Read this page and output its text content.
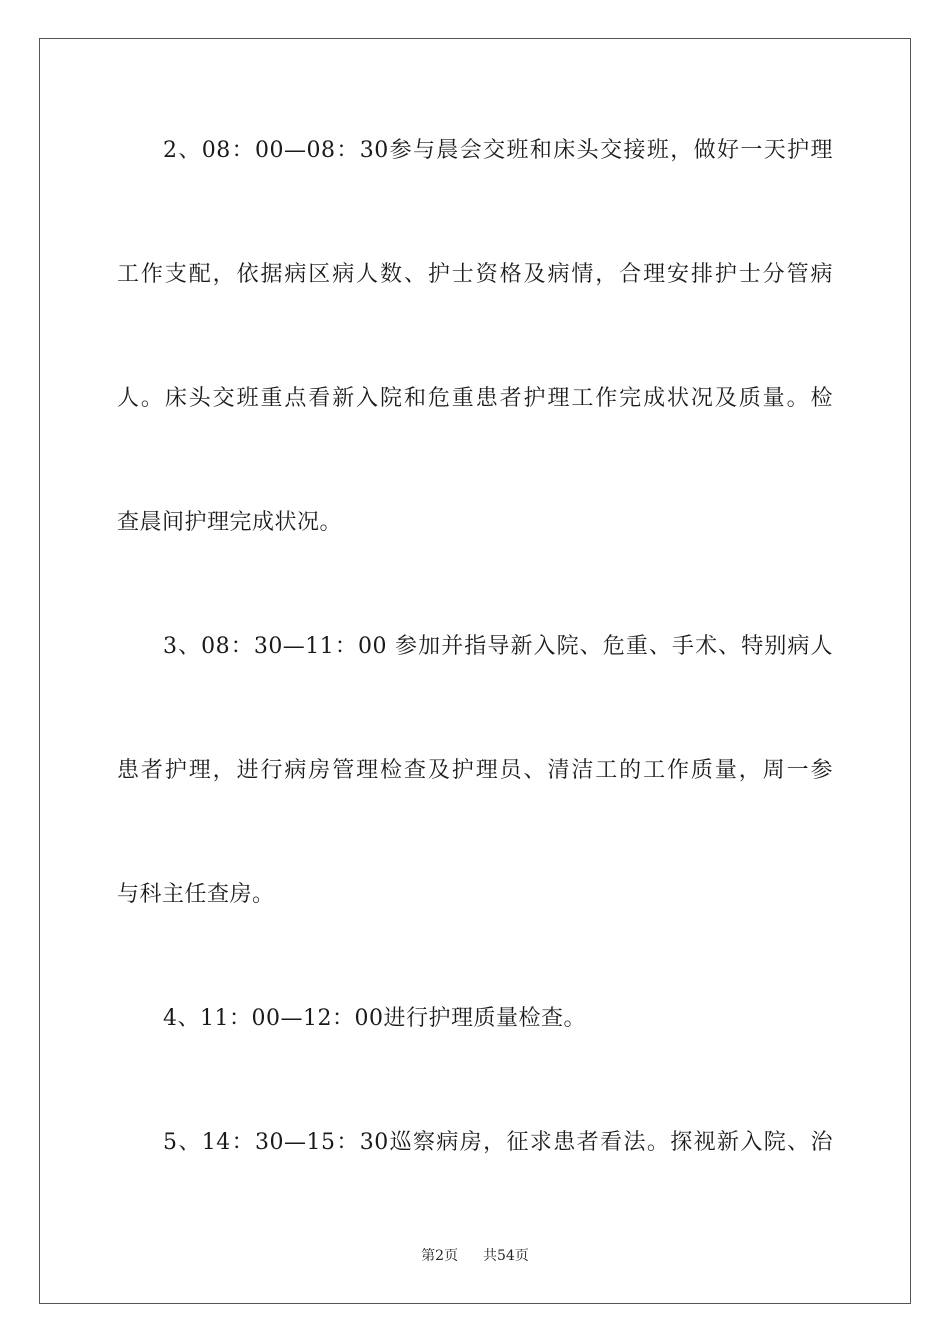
2、08：00—08：30参与晨会交班和床头交接班，做好一天护理
工作支配，依据病区病人数、护士资格及病情，合理安排护士分管病
人。床头交班重点看新入院和危重患者护理工作完成状况及质量。检
查晨间护理完成状况。
3、08：30—11：00 参加并指导新入院、危重、手术、特别病人
患者护理，进行病房管理检查及护理员、清洁工的工作质量，周一参
与科主任查房。
4、11：00—12：00进行护理质量检查。
5、14：30—15：30巡察病房，征求患者看法。探视新入院、治
第2页 共54页
